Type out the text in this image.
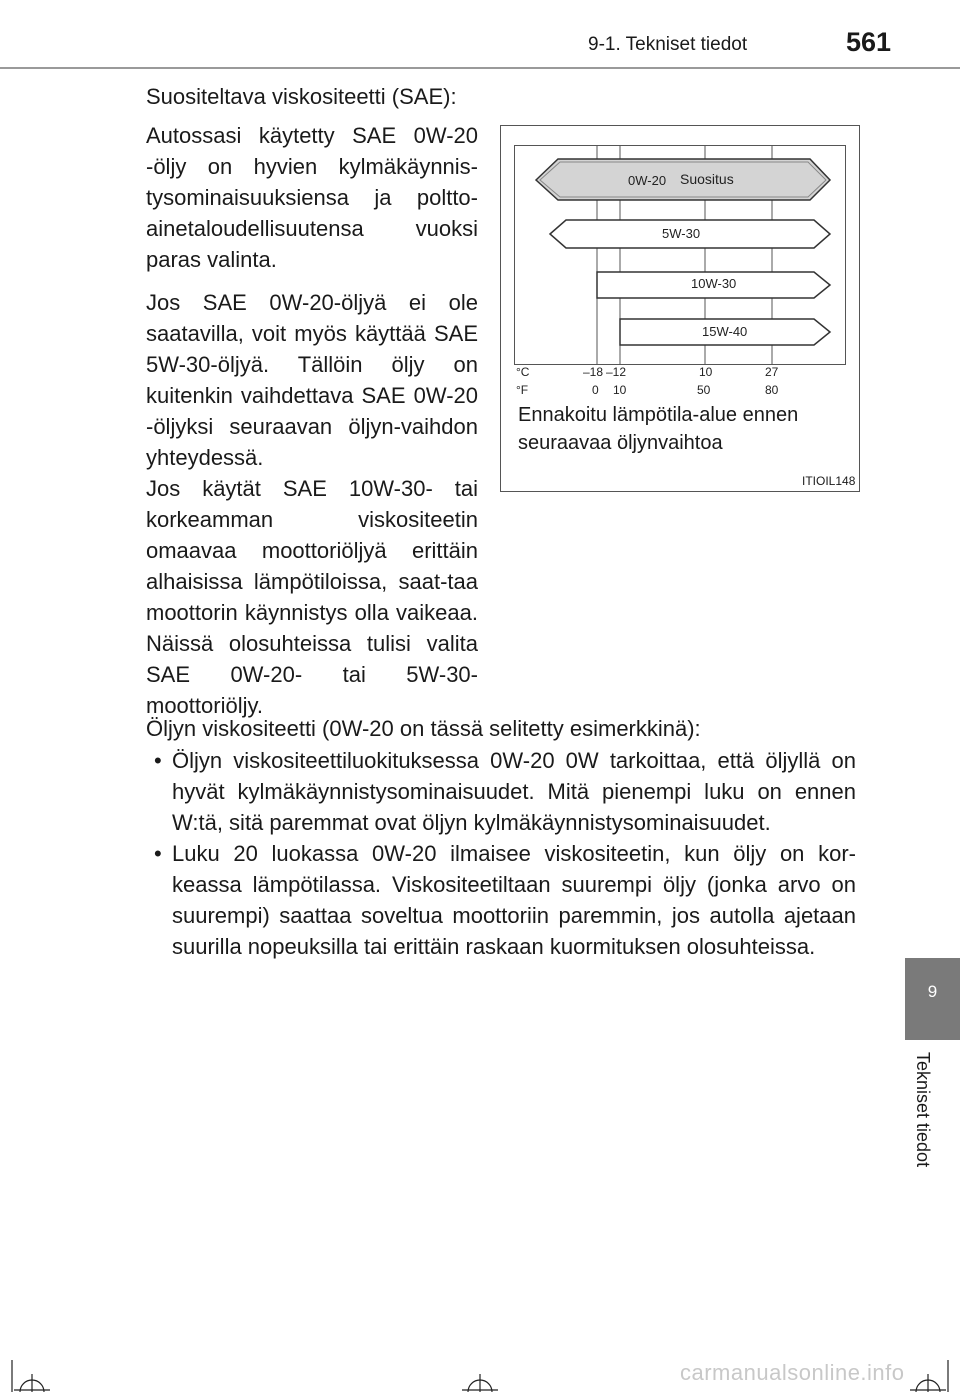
9-1. Tekniset tiedot	561
Suositeltava viskositeetti (SAE):

Autossasi käytetty SAE 0W-20 -öljy on hyvien kylmäkäynnis-tysominaisuuksiensa ja poltto-ainetaloudellisuutensa vuoksi paras valinta.

Jos SAE 0W-20-öljyä ei ole saatavilla, voit myös käyttää SAE 5W-30-öljyä. Tällöin öljy on kuitenkin vaihdettava SAE 0W-20 -öljyksi seuraavan öljyn-vaihdon yhteydessä.

Jos käytät SAE 10W-30- tai korkeamman viskositeetin omaavaa moottoriöljyä erittäin alhaisissa lämpötiloissa, saat-taa moottorin käynnistys olla vaikeaa. Näissä olosuhteissa tulisi valita SAE 0W-20- tai 5W-30-moottoriöljy.

0W-20 Suositus
5W-30
10W-30
15W-40
°C
°F
–18 –12	10	27
0 10	50	80
Ennakoitu lämpötila-alue ennen seuraavaa öljynvaihtoa
ITIOIL148
Öljyn viskositeetti (0W-20 on tässä selitetty esimerkkinä):
• Öljyn viskositeettiluokituksessa 0W-20 0W tarkoittaa, että öljyllä on hyvät kylmäkäynnistysominaisuudet. Mitä pienempi luku on ennen W:tä, sitä paremmat ovat öljyn kylmäkäynnistysominaisuudet.
• Luku 20 luokassa 0W-20 ilmaisee viskositeetin, kun öljy on kor-keassa lämpötilassa. Viskositeetiltaan suurempi öljy (jonka arvo on suurempi) saattaa soveltua moottoriin paremmin, jos autolla ajetaan suurilla nopeuksilla tai erittäin raskaan kuormituksen olosuhteissa.
9
Tekniset tiedot
carmanualsonline.info
